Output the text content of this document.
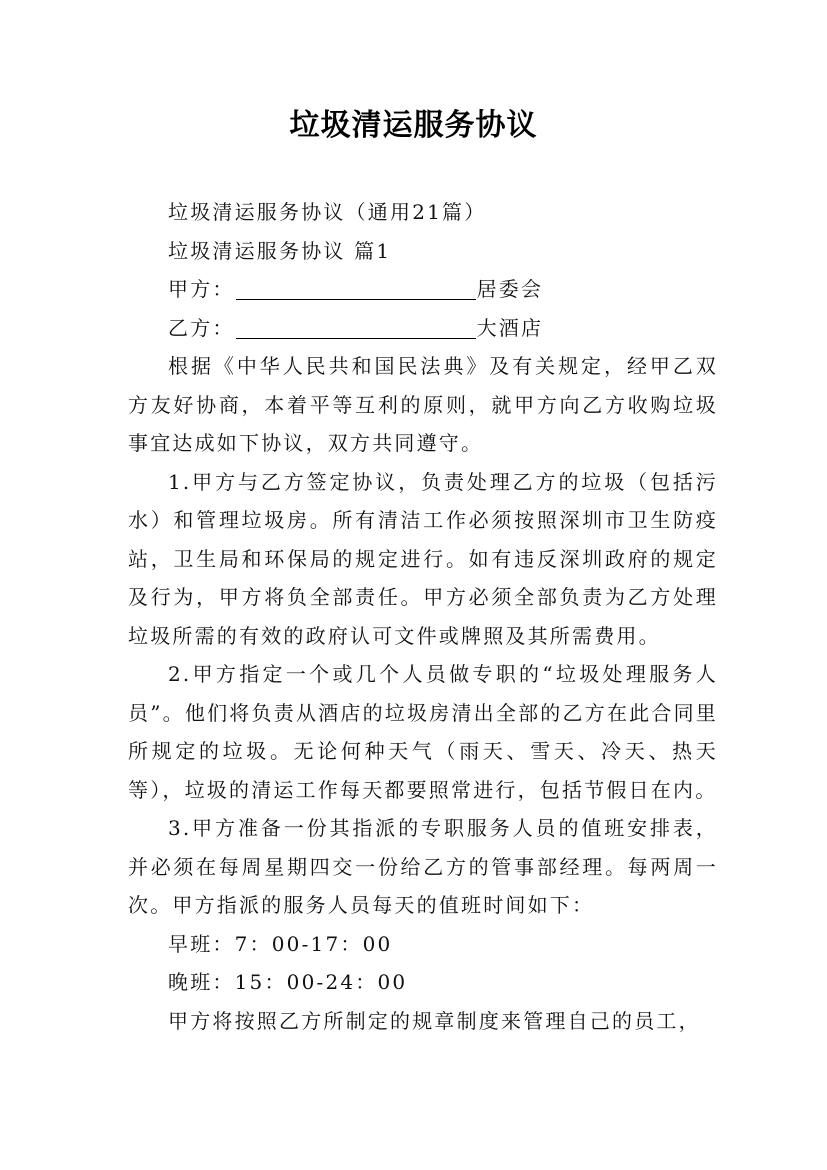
垃圾清运服务协议

垃圾清运服务协议（通用21篇）

垃圾清运服务协议 篇1

甲方：	居委会

乙方：	大酒店

根据《中华人民共和国民法典》及有关规定，经甲乙双方友好协商，本着平等互利的原则，就甲方向乙方收购垃圾事宜达成如下协议，双方共同遵守。

1.甲方与乙方签定协议，负责处理乙方的垃圾（包括污水）和管理垃圾房。所有清洁工作必须按照深圳市卫生防疫站，卫生局和环保局的规定进行。如有违反深圳政府的规定及行为，甲方将负全部责任。甲方必须全部负责为乙方处理垃圾所需的有效的政府认可文件或牌照及其所需费用。

2.甲方指定一个或几个人员做专职的“垃圾处理服务人员”。他们将负责从酒店的垃圾房清出全部的乙方在此合同里所规定的垃圾。无论何种天气（雨天、雪天、冷天、热天等），垃圾的清运工作每天都要照常进行，包括节假日在内。

3.甲方准备一份其指派的专职服务人员的值班安排表，并必须在每周星期四交一份给乙方的管事部经理。每两周一次。甲方指派的服务人员每天的值班时间如下：

早班：7：00-17：00

晚班：15：00-24：00

甲方将按照乙方所制定的规章制度来管理自己的员工，
